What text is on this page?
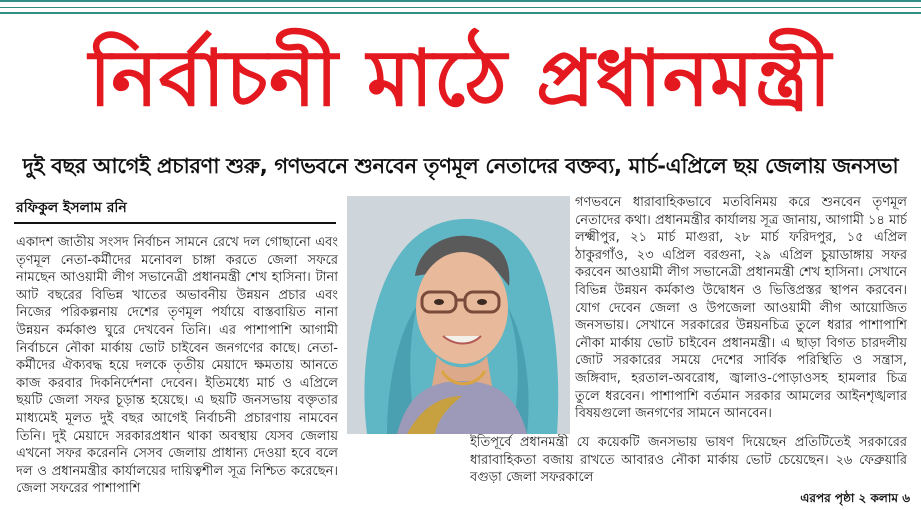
নির্বাচনী মাঠে প্রধানমন্ত্রী
দুই বছর আগেই প্রচারণা শুরু, গণভবনে শুনবেন তৃণমূল নেতাদের বক্তব্য, মার্চ-এপ্রিলে ছয় জেলায় জনসভা
রফিকুল ইসলাম রনি
একাদশ জাতীয় সংসদ নির্বাচন সামনে রেখে দল গোছানো এবং তৃণমূল নেতা-কর্মীদের মনোবল চাঙ্গা করতে জেলা সফরে নামছেন আওয়ামী লীগ সভানেত্রী প্রধানমন্ত্রী শেখ হাসিনা। টানা আট বছরের বিভিন্ন খাতের অভাবনীয় উন্নয়ন প্রচার এবং নিজের পরিকল্পনায় দেশের তৃণমূল পর্যায়ে বাস্তবায়িত নানা উন্নয়ন কর্মকাণ্ড ঘুরে দেখবেন তিনি। এর পাশাপাশি আগামী নির্বাচনে নৌকা মার্কায় ভোট চাইবেন জনগণের কাছে। নেতা-কর্মীদের ঐক্যবদ্ধ হয়ে দলকে তৃতীয় মেয়াদে ক্ষমতায় আনতে কাজ করবার দিকনির্দেশনা দেবেন। ইতিমধ্যে মার্চ ও এপ্রিলে ছয়টি জেলা সফর চূড়ান্ত হয়েছে। এ ছয়টি জনসভায় বক্তৃতার মাধ্যমেই মূলত দুই বছর আগেই নির্বাচনী প্রচারণায় নামবেন তিনি। দুই মেয়াদে সরকারপ্রধান থাকা অবস্থায় যেসব জেলায় এখনো সফর করেননি সেসব জেলায় প্রাধান্য দেওয়া হবে বলে দল ও প্রধানমন্ত্রীর কার্যালয়ের দায়িত্বশীল সূত্র নিশ্চিত করেছেন। জেলা সফরের পাশাপাশি
গণভবনে ধারাবাহিকভাবে মতবিনিময় করে শুনবেন তৃণমূল নেতাদের কথা। প্রধানমন্ত্রীর কার্যালয় সূত্র জানায়, আগামী ১৪ মার্চ লক্ষ্মীপুর, ২১ মার্চ মাগুরা, ২৮ মার্চ ফরিদপুর, ১৫ এপ্রিল ঠাকুরগাঁও, ২৩ এপ্রিল বরগুনা, ২৯ এপ্রিল চুয়াডাঙ্গায় সফর করবেন আওয়ামী লীগ সভানেত্রী প্রধানমন্ত্রী শেখ হাসিনা। সেখানে বিভিন্ন উন্নয়ন কর্মকাণ্ড উদ্বোধন ও ভিত্তিপ্রস্তর স্থাপন করবেন। যোগ দেবেন জেলা ও উপজেলা আওয়ামী লীগ আয়োজিত জনসভায়। সেখানে সরকারের উন্নয়নচিত্র তুলে ধরার পাশাপাশি নৌকা মার্কায় ভোট চাইবেন প্রধানমন্ত্রী। এ ছাড়া বিগত চারদলীয় জোট সরকারের সময়ে দেশের সার্বিক পরিস্থিতি ও সন্ত্রাস, জঙ্গিবাদ, হরতাল-অবরোধ, জ্বালাও-পোড়াওসহ হামলার চিত্র তুলে ধরবেন। পাশাপাশি বর্তমান সরকার আমলের আইনশৃঙ্খলার বিষয়গুলো জনগণের সামনে আনবেন।
ইতিপূর্বে প্রধানমন্ত্রী যে কয়েকটি জনসভায় ভাষণ দিয়েছেন প্রতিটিতেই সরকারের ধারাবাহিকতা বজায় রাখতে আবারও নৌকা মার্কায় ভোট চেয়েছেন। ২৬ ফেব্রুয়ারি বগুড়া জেলা সফরকালে
এরপর পৃষ্ঠা ২ কলাম ৬
